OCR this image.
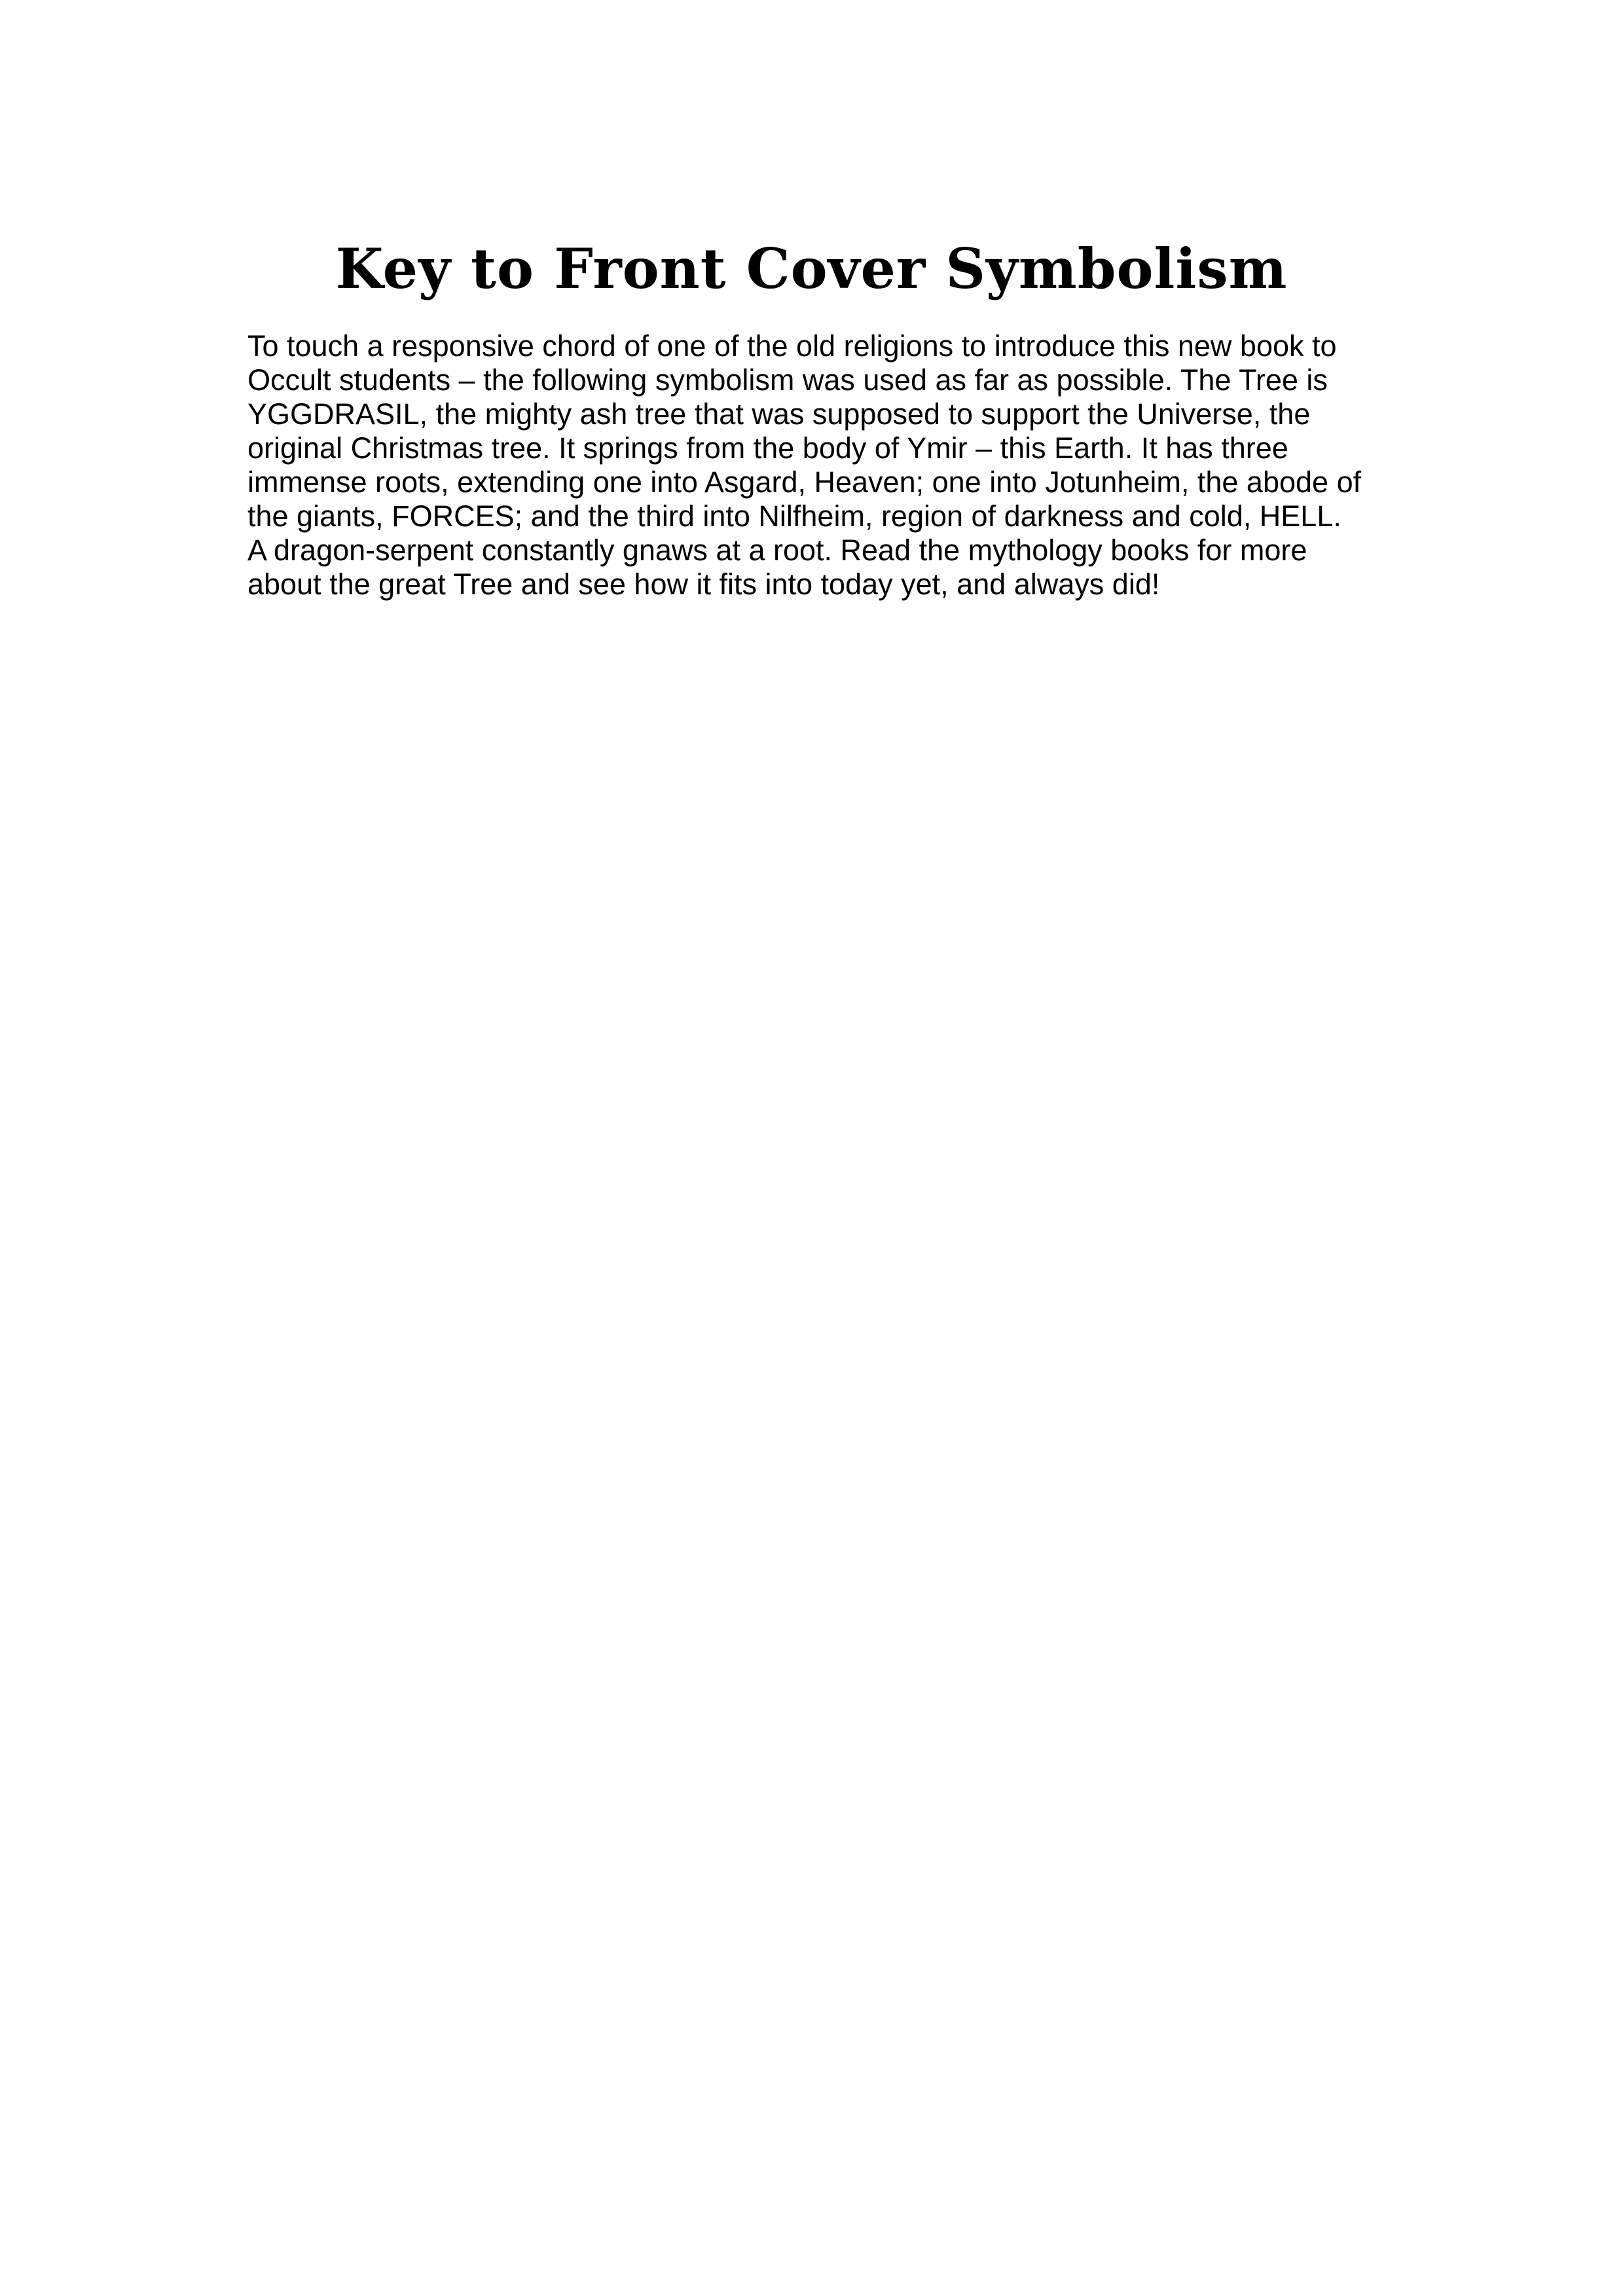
Key to Front Cover Symbolism

To touch a responsive chord of one of the old religions to introduce this new book to
Occult students – the following symbolism was used as far as possible. The Tree is
YGGDRASIL, the mighty ash tree that was supposed to support the Universe, the
original Christmas tree. It springs from the body of Ymir – this Earth. It has three
immense roots, extending one into Asgard, Heaven; one into Jotunheim, the abode of
the giants, FORCES; and the third into Nilfheim, region of darkness and cold, HELL.
A dragon-serpent constantly gnaws at a root. Read the mythology books for more
about the great Tree and see how it fits into today yet, and always did!
